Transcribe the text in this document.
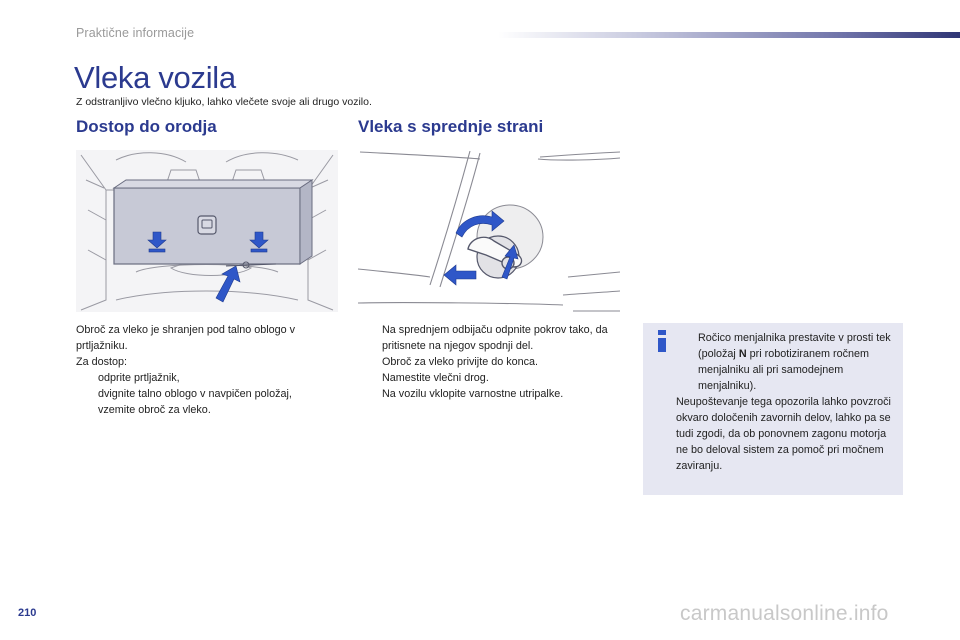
Praktične informacije
Vleka vozila
Z odstranljivo vlečno kljuko, lahko vlečete svoje ali drugo vozilo.
Dostop do orodja	Vleka s sprednje strani

Obroč za vleko je shranjen pod talno oblogo v prtljažniku.

Za dostop:

odprite prtljažnik,
dvignite talno oblogo v navpičen položaj,
vzemite obroč za vleko.
Na sprednjem odbijaču odpnite pokrov tako, da pritisnete na njegov spodnji del.
Obroč za vleko privijte do konca.
Namestite vlečni drog.
Na vozilu vklopite varnostne utripalke.
Ročico menjalnika prestavite v prosti tek (položaj N pri robotiziranem ročnem menjalniku ali pri samodejnem menjalniku).
Neupoštevanje tega opozorila lahko povzroči okvaro določenih zavornih delov, lahko pa se tudi zgodi, da ob ponovnem zagonu motorja ne bo deloval sistem za pomoč pri močnem zaviranju.
210	carmanualsonline.info
